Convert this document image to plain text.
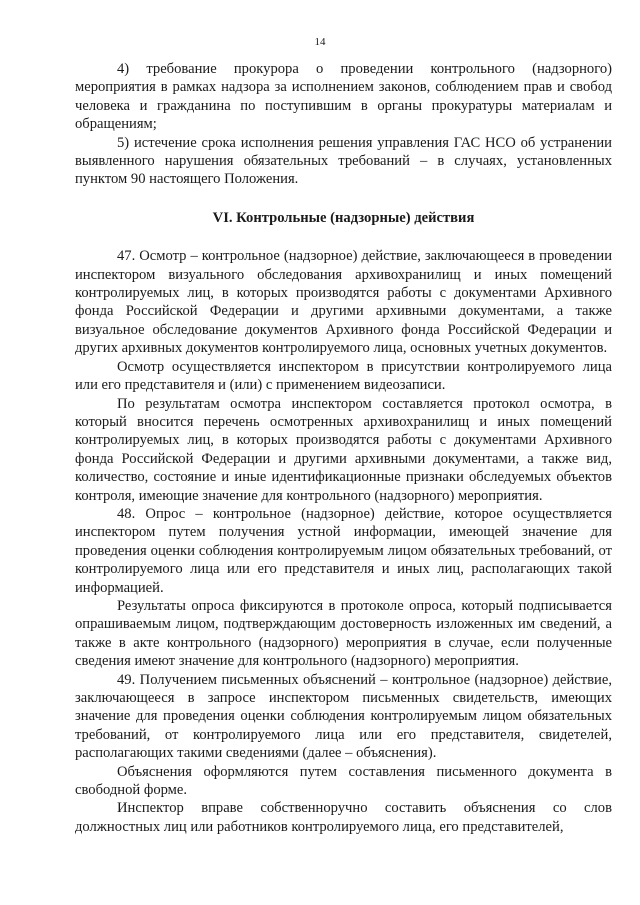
14

4) требование прокурора о проведении контрольного (надзорного) мероприятия в рамках надзора за исполнением законов, соблюдением прав и свобод человека и гражданина по поступившим в органы прокуратуры материалам и обращениям;

5) истечение срока исполнения решения управления ГАС НСО об устранении выявленного нарушения обязательных требований – в случаях, установленных пунктом 90 настоящего Положения.

VI. Контрольные (надзорные) действия

47. Осмотр – контрольное (надзорное) действие, заключающееся в проведении инспектором визуального обследования архивохранилищ и иных помещений контролируемых лиц, в которых производятся работы с документами Архивного фонда Российской Федерации и другими архивными документами, а также визуальное обследование документов Архивного фонда Российской Федерации и других архивных документов контролируемого лица, основных учетных документов.

Осмотр осуществляется инспектором в присутствии контролируемого лица или его представителя и (или) с применением видеозаписи.

По результатам осмотра инспектором составляется протокол осмотра, в который вносится перечень осмотренных архивохранилищ и иных помещений контролируемых лиц, в которых производятся работы с документами Архивного фонда Российской Федерации и другими архивными документами, а также вид, количество, состояние и иные идентификационные признаки обследуемых объектов контроля, имеющие значение для контрольного (надзорного) мероприятия.

48. Опрос – контрольное (надзорное) действие, которое осуществляется инспектором путем получения устной информации, имеющей значение для проведения оценки соблюдения контролируемым лицом обязательных требований, от контролируемого лица или его представителя и иных лиц, располагающих такой информацией.

Результаты опроса фиксируются в протоколе опроса, который подписывается опрашиваемым лицом, подтверждающим достоверность изложенных им сведений, а также в акте контрольного (надзорного) мероприятия в случае, если полученные сведения имеют значение для контрольного (надзорного) мероприятия.

49. Получением письменных объяснений – контрольное (надзорное) действие, заключающееся в запросе инспектором письменных свидетельств, имеющих значение для проведения оценки соблюдения контролируемым лицом обязательных требований, от контролируемого лица или его представителя, свидетелей, располагающих такими сведениями (далее – объяснения).

Объяснения оформляются путем составления письменного документа в свободной форме.

Инспектор вправе собственноручно составить объяснения со слов должностных лиц или работников контролируемого лица, его представителей,
